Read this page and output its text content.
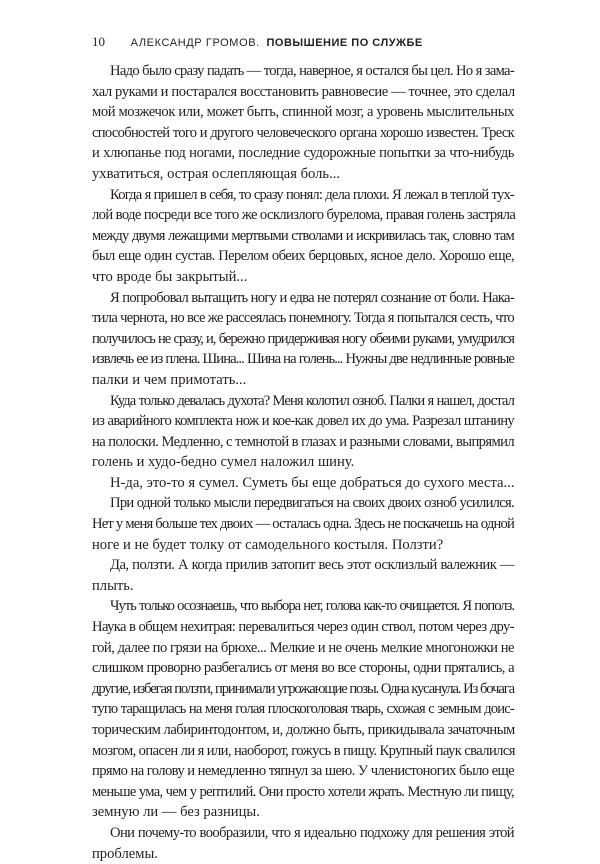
10 АЛЕКСАНДР ГРОМОВ. ПОВЫШЕНИЕ ПО СЛУЖБЕ
Надо было сразу падать — тогда, наверное, я остался бы цел. Но я зама-
хал руками и постарался восстановить равновесие — точнее, это сделал
мой мозжечок или, может быть, спинной мозг, а уровень мыслительных
способностей того и другого человеческого органа хорошо известен. Треск
и хлюпанье под ногами, последние судорожные попытки за что-нибудь
ухватиться, острая ослепляющая боль...
Когда я пришел в себя, то сразу понял: дела плохи. Я лежал в теплой тух-
лой воде посреди все того же осклизлого бурелома, правая голень застряла
между двумя лежащими мертвыми стволами и искривилась так, словно там
был еще один сустав. Перелом обеих берцовых, ясное дело. Хорошо еще,
что вроде бы закрытый...
Я попробовал вытащить ногу и едва не потерял сознание от боли. Нака-
тила чернота, но все же рассеялась понемногу. Тогда я попытался сесть, что
получилось не сразу, и, бережно придерживая ногу обеими руками, умудрился
извлечь ее из плена. Шина... Шина на голень... Нужны две недлинные ровные
палки и чем примотать...
Куда только девалась духота? Меня колотил озноб. Палки я нашел, достал
из аварийного комплекта нож и кое-как довел их до ума. Разрезал штанину
на полоски. Медленно, с темнотой в глазах и разными словами, выпрямил
голень и худо-бедно сумел наложил шину.
Н-да, это-то я сумел. Суметь бы еще добраться до сухого места...
При одной только мысли передвигаться на своих двоих озноб усилился.
Нет у меня больше тех двоих — осталась одна. Здесь не поскачешь на одной
ноге и не будет толку от самодельного костыля. Ползти?
Да, ползти. А когда прилив затопит весь этот осклизлый валежник —
плыть.
Чуть только осознаешь, что выбора нет, голова как-то очищается. Я пополз.
Наука в общем нехитрая: перевалиться через один ствол, потом через дру-
гой, далее по грязи на брюхе... Мелкие и не очень мелкие многоножки не
слишком проворно разбегались от меня во все стороны, одни прятались, а
другие, избегая ползти, принимали угрожающие позы. Одна кусанула. Из бочага
тупо таращилась на меня голая плоскоголовая тварь, схожая с земным доис-
торическим лабиринтодонтом, и, должно быть, прикидывала зачаточным
мозгом, опасен ли я или, наоборот, гожусь в пищу. Крупный паук свалился
прямо на голову и немедленно тяпнул за шею. У членистоногих было еще
меньше ума, чем у рептилий. Они просто хотели жрать. Местную ли пищу,
земную ли — без разницы.
Они почему-то вообразили, что я идеально подхожу для решения этой
проблемы.
